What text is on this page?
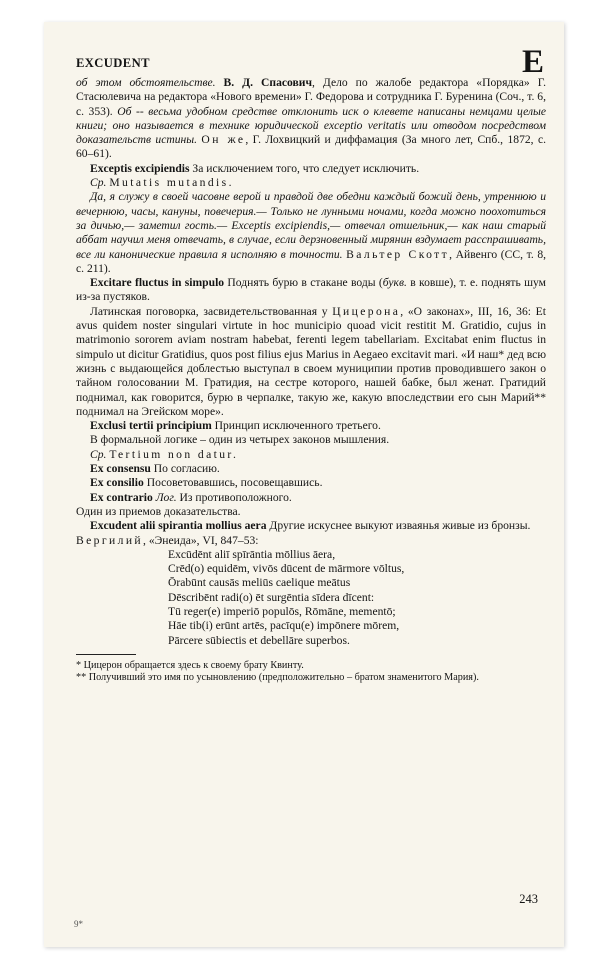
EXCUDENT	E

об этом обстоятельстве. В. Д. Спасович, Дело по жалобе редактора «Порядка» Г. Стасюлевича на редактора «Нового времени» Г. Федорова и сотрудника Г. Буренина (Соч., т. 6, с. 353). Об -- весьма удобном средстве отклонить иск о клевете написаны немцами целые книги; оно называется в технике юридической exceptio veritatis или отводом посредством доказательств истины. Он же, Г. Лохвицкий и диффамация (За много лет, Спб., 1872, с. 60–61).

Exceptis excipiendis За исключением того, что следует исключить.

Ср. Mutatis mutandis.

Да, я служу в своей часовне верой и правдой две обедни каждый божий день, утреннюю и вечернюю, часы, кануны, повечерия.— Только не лунными ночами, когда можно поохотиться за дичью,— заметил гость.— Exceptis excipiendis,— отвечал отшельник,— как наш старый аббат научил меня отвечать, в случае, если дерзновенный мирянин вздумает расспрашивать, все ли канонические правила я исполняю в точности. Вальтер Скотт, Айвенго (СС, т. 8, с. 211).

Excitare fluctus in simpulo Поднять бурю в стакане воды (букв. в ковше), т. е. поднять шум из-за пустяков.

Латинская поговорка, засвидетельствованная у Цицерона, «О законах», III, 16, 36: Et avus quidem noster singulari virtute in hoc municipio quoad vicit restitit M. Gratidio, cujus in matrimonio sororem aviam nostram habebat, ferenti legem tabellariam. Excitabat enim fluctus in simpulo ut dicitur Gratidius, quos post filius ejus Marius in Aegaeo excitavit mari. «И наш* дед всю жизнь с выдающейся доблестью выступал в своем муниципии против проводившего закон о тайном голосовании М. Гратидия, на сестре которого, нашей бабке, был женат. Гратидий поднимал, как говорится, бурю в черпалке, такую же, какую впоследствии его сын Марий** поднимал на Эгейском море».

Exclusi tertii principium Принцип исключенного третьего.

В формальной логике – один из четырех законов мышления.

Ср. Tertium non datur.

Ex consensu По согласию.

Ex consilio Посоветовавшись, посовещавшись.

Ex contrario Лог. Из противоположного.

Один из приемов доказательства.

Excudent alii spirantia mollius aera Другие искуснее выкуют изваянья живые из бронзы.

Вергилий, «Энеида», VI, 847–53:

Excūdēnt aliī spīrāntia mōllius āera,

Crēd(o) equidēm, vivōs dūcent de mārmore vōltus,

Ōrabūnt causās meliūs caelique meātus

Dēscribēnt radi(o) ēt surgēntia sīdera dīcent:

Tū reger(e) imperiō populōs, Rōmāne, mementō;

Hāe tib(i) erūnt artēs, pacīqu(e) impōnere mōrem,

Pārcere sūbiectis et debellāre superbos.

* Цицерон обращается здесь к своему брату Квинту.

** Получивший это имя по усыновлению (предположительно – братом знаменитого Мария).

243
9*
